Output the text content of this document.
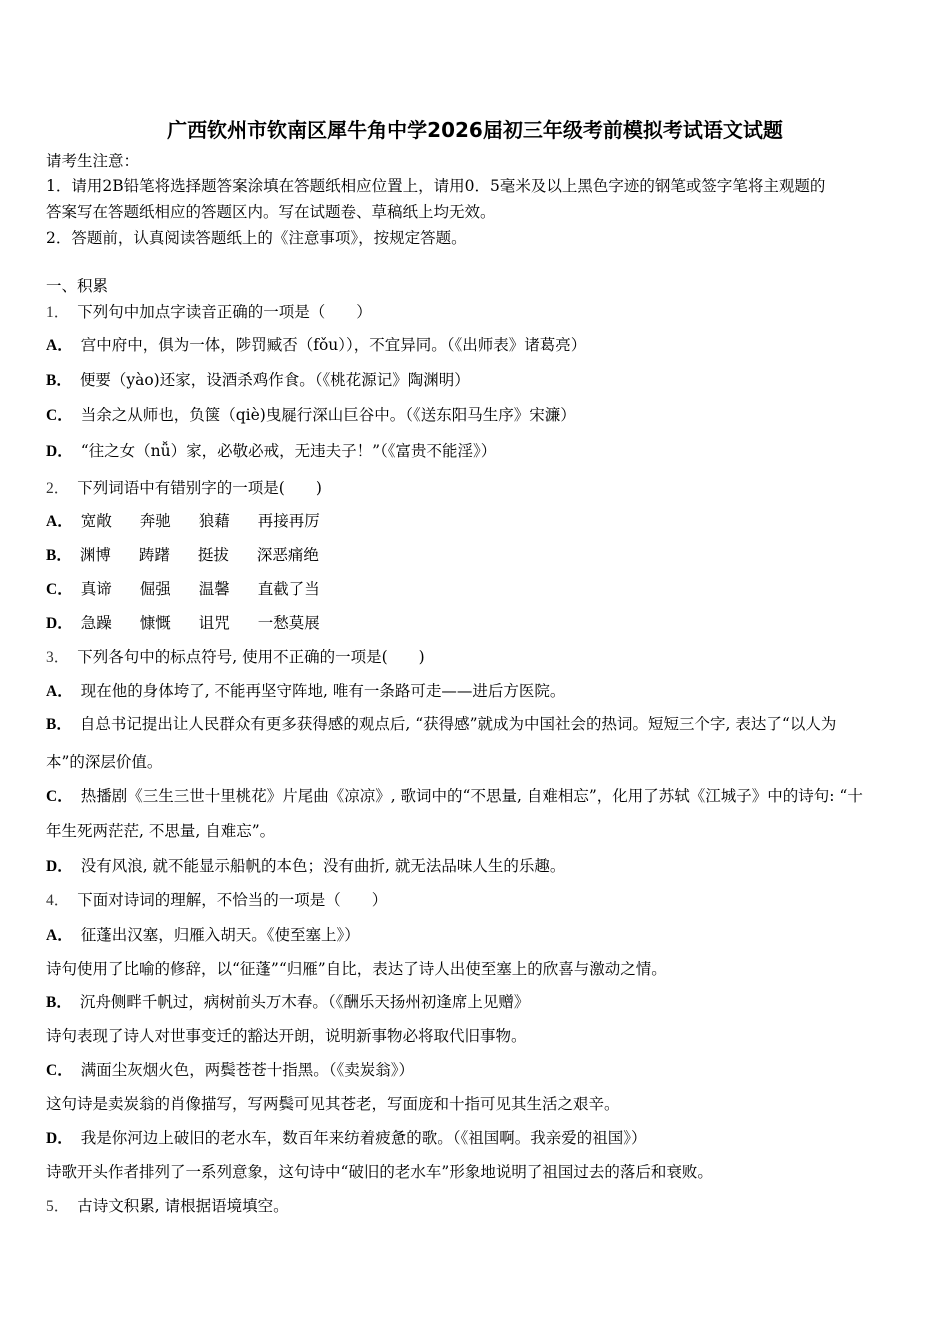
广西钦州市钦南区犀牛角中学2026届初三年级考前模拟考试语文试题
请考生注意：
1．请用2B铅笔将选择题答案涂填在答题纸相应位置上，请用0．5毫米及以上黑色字迹的钢笔或签字笔将主观题的
答案写在答题纸相应的答题区内。写在试题卷、草稿纸上均无效。
2．答题前，认真阅读答题纸上的《注意事项》，按规定答题。
一、积累
1． 下列句中加点字读音正确的一项是（　　）
A． 宫中府中，俱为一体，陟罚臧否（fǒu）），不宜异同。（《出师表》诸葛亮）
B． 便要（yào)还家，设酒杀鸡作食。（《桃花源记》陶渊明）
C． 当余之从师也，负箧（qiè)曳屣行深山巨谷中。（《送东阳马生序》宋濂）
D． “往之女（nǚ）家，必敬必戒，无违夫子！”（《富贵不能淫》）
2． 下列词语中有错别字的一项是(　　)
A． 宽敞 奔驰 狼藉 再接再厉
B． 渊博 踌躇 挺拔 深恶痛绝
C． 真谛 倔强 温馨 直截了当
D． 急躁 慷慨 诅咒 一愁莫展
3． 下列各句中的标点符号, 使用不正确的一项是(　　)
A． 现在他的身体垮了, 不能再坚守阵地, 唯有一条路可走——进后方医院。
B． 自总书记提出让人民群众有更多获得感的观点后, “获得感”就成为中国社会的热词。短短三个字, 表达了“以人为
本”的深层价值。
C． 热播剧《三生三世十里桃花》片尾曲《凉凉》, 歌词中的“不思量, 自难相忘”，化用了苏轼《江城子》中的诗句: “十
年生死两茫茫, 不思量, 自难忘”。
D． 没有风浪, 就不能显示船帆的本色；没有曲折, 就无法品味人生的乐趣。
4． 下面对诗词的理解，不恰当的一项是（　　）
A． 征蓬出汉塞，归雁入胡天。《使至塞上》）
诗句使用了比喻的修辞，以“征蓬”“归雁”自比，表达了诗人出使至塞上的欣喜与激动之情。
B． 沉舟侧畔千帆过，病树前头万木春。（《酬乐天扬州初逢席上见赠》
诗句表现了诗人对世事变迁的豁达开朗，说明新事物必将取代旧事物。
C． 满面尘灰烟火色，两鬓苍苍十指黑。（《卖炭翁》）
这句诗是卖炭翁的肖像描写，写两鬓可见其苍老，写面庞和十指可见其生活之艰辛。
D． 我是你河边上破旧的老水车，数百年来纺着疲惫的歌。（《祖国啊。我亲爱的祖国》）
诗歌开头作者排列了一系列意象，这句诗中“破旧的老水车”形象地说明了祖国过去的落后和衰败。
5． 古诗文积累, 请根据语境填空。
